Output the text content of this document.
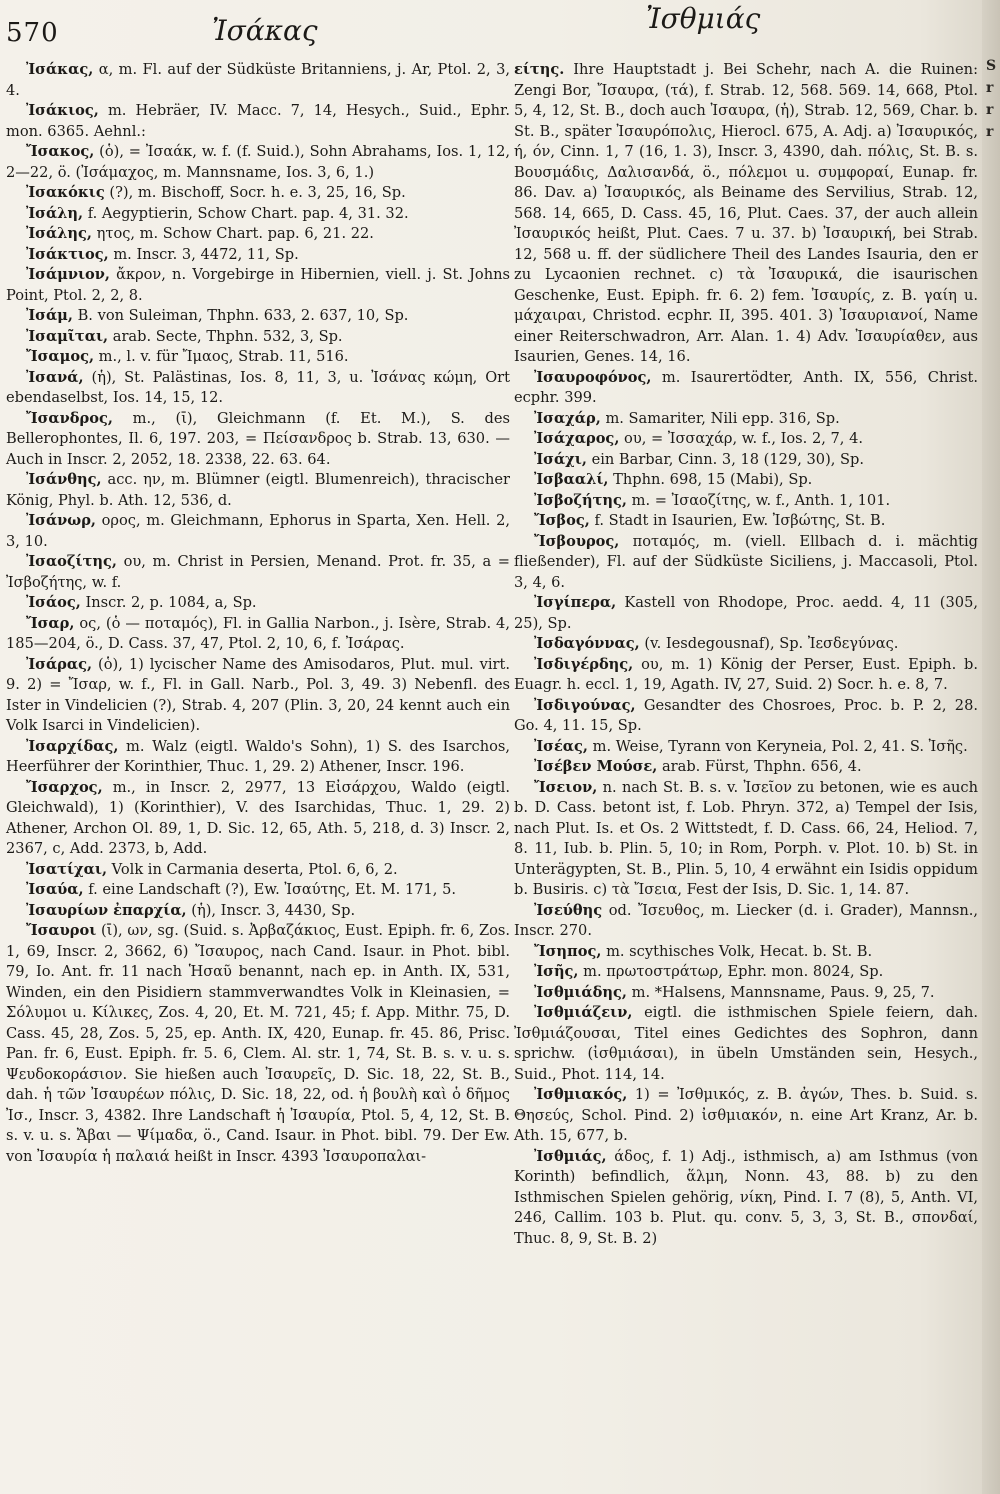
570	Ἰσάκας	Ἰσθμιάς

Ἰσάκας, α, m. Fl. auf der Südküste Britanniens, j. Ar, Ptol. 2, 3, 4.

Ἰσάκιος, m. Hebräer, IV. Macc. 7, 14, Hesych., Suid., Ephr. mon. 6365. Aehnl.:

Ἴσακος, (ὁ), = Ἰσαάκ, w. f. (f. Suid.), Sohn Abrahams, Ios. 1, 12, 2—22, ö. (Ἰσάμαχος, m. Mannsname, Ios. 3, 6, 1.)

Ἰσακόκις (?), m. Bischoff, Socr. h. e. 3, 25, 16, Sp.

Ἰσάλη, f. Aegyptierin, Schow Chart. pap. 4, 31. 32.

Ἰσάλης, ητος, m. Schow Chart. pap. 6, 21. 22.

Ἰσάκτιος, m. Inscr. 3, 4472, 11, Sp.

Ἰσάμνιον, ἄκρον, n. Vorgebirge in Hibernien, viell. j. St. Johns Point, Ptol. 2, 2, 8.

Ἰσάμ, B. von Suleiman, Thphn. 633, 2. 637, 10, Sp.

Ἰσαμῖται, arab. Secte, Thphn. 532, 3, Sp.

Ἴσαμος, m., l. v. für Ἴμαος, Strab. 11, 516.

Ἰσανά, (ἡ), St. Palästinas, Ios. 8, 11, 3, u. Ἰσάνας κώμη, Ort ebendaselbst, Ios. 14, 15, 12.

Ἴσανδρος, m., (ῑ), Gleichmann (f. Et. M.), S. des Bellerophontes, Il. 6, 197. 203, = Πείσανδρος b. Strab. 13, 630. — Auch in Inscr. 2, 2052, 18. 2338, 22. 63. 64.

Ἰσάνθης, acc. ην, m. Blümner (eigtl. Blumenreich), thracischer König, Phyl. b. Ath. 12, 536, d.

Ἰσάνωρ, ορος, m. Gleichmann, Ephorus in Sparta, Xen. Hell. 2, 3, 10.

Ἰσαοζίτης, ου, m. Christ in Persien, Menand. Prot. fr. 35, a = Ἰσβοζήτης, w. f.

Ἰσάος, Inscr. 2, p. 1084, a, Sp.

Ἴσαρ, ος, (ὁ — ποταμός), Fl. in Gallia Narbon., j. Isère, Strab. 4, 185—204, ö., D. Cass. 37, 47, Ptol. 2, 10, 6, f. Ἰσάρας.

Ἰσάρας, (ὁ), 1) lycischer Name des Amisodaros, Plut. mul. virt. 9. 2) = Ἴσαρ, w. f., Fl. in Gall. Narb., Pol. 3, 49. 3) Nebenfl. des Ister in Vindelicien (?), Strab. 4, 207 (Plin. 3, 20, 24 kennt auch ein Volk Isarci in Vindelicien).

Ἰσαρχίδας, m. Walz (eigtl. Waldo's Sohn), 1) S. des Isarchos, Heerführer der Korinthier, Thuc. 1, 29. 2) Athener, Inscr. 196.

Ἴσαρχος, m., in Inscr. 2, 2977, 13 Εἰσάρχου, Waldo (eigtl. Gleichwald), 1) (Korinthier), V. des Isarchidas, Thuc. 1, 29. 2) Athener, Archon Ol. 89, 1, D. Sic. 12, 65, Ath. 5, 218, d. 3) Inscr. 2, 2367, c, Add. 2373, b, Add.

Ἰσατίχαι, Volk in Carmania deserta, Ptol. 6, 6, 2.

Ἰσαύα, f. eine Landschaft (?), Ew. Ἰσαύτης, Et. M. 171, 5.

Ἰσαυρίων ἐπαρχία, (ἡ), Inscr. 3, 4430, Sp.

Ἴσαυροι (ῑ), ων, sg. (Suid. s. Ἀρβαζάκιος, Eust. Epiph. fr. 6, Zos. 1, 69, Inscr. 2, 3662, 6) Ἴσαυρος, nach Cand. Isaur. in Phot. bibl. 79, Io. Ant. fr. 11 nach Ἡσαῦ benannt, nach ep. in Anth. IX, 531, Winden, ein den Pisidiern stammverwandtes Volk in Kleinasien, = Σόλυμοι u. Κίλικες, Zos. 4, 20, Et. M. 721, 45; f. App. Mithr. 75, D. Cass. 45, 28, Zos. 5, 25, ep. Anth. IX, 420, Eunap. fr. 45. 86, Prisc. Pan. fr. 6, Eust. Epiph. fr. 5. 6, Clem. Al. str. 1, 74, St. B. s. v. u. s. Ψευδοκοράσιον. Sie hießen auch Ἰσαυρεῖς, D. Sic. 18, 22, St. B., dah. ἡ τῶν Ἰσαυρέων πόλις, D. Sic. 18, 22, od. ἡ βουλὴ καὶ ὁ δῆμος Ἰσ., Inscr. 3, 4382. Ihre Landschaft ἡ Ἰσαυρία, Ptol. 5, 4, 12, St. B. s. v. u. s. Ἄβαι — Ψίμαδα, ö., Cand. Isaur. in Phot. bibl. 79. Der Ew. von Ἰσαυρία ἡ παλαιά heißt in Inscr. 4393 Ἰσαυροπαλαι-

είτης. Ihre Hauptstadt j. Bei Schehr, nach A. die Ruinen: Zengi Bor, Ἴσαυρα, (τά), f. Strab. 12, 568. 569. 14, 668, Ptol. 5, 4, 12, St. B., doch auch Ἰσαυρα, (ἡ), Strab. 12, 569, Char. b. St. B., später Ἰσαυρόπολις, Hierocl. 675, A. Adj. a) Ἰσαυρικός, ή, όν, Cinn. 1, 7 (16, 1. 3), Inscr. 3, 4390, dah. πόλις, St. B. s. Βουσμάδις, Δαλισανδά, ö., πόλεμοι u. συμφοραί, Eunap. fr. 86. Dav. a) Ἰσαυρικός, als Beiname des Servilius, Strab. 12, 568. 14, 665, D. Cass. 45, 16, Plut. Caes. 37, der auch allein Ἰσαυρικός heißt, Plut. Caes. 7 u. 37. b) Ἰσαυρική, bei Strab. 12, 568 u. ff. der südlichere Theil des Landes Isauria, den er zu Lycaonien rechnet. c) τὰ Ἰσαυρικά, die isaurischen Geschenke, Eust. Epiph. fr. 6. 2) fem. Ἰσαυρίς, z. B. γαίη u. μάχαιραι, Christod. ecphr. II, 395. 401. 3) Ἰσαυριανοί, Name einer Reiterschwadron, Arr. Alan. 1. 4) Adv. Ἰσαυρίαθεν, aus Isaurien, Genes. 14, 16.

Ἰσαυροφόνος, m. Isaurertödter, Anth. IX, 556, Christ. ecphr. 399.

Ἰσαχάρ, m. Samariter, Nili epp. 316, Sp.

Ἰσάχαρος, ου, = Ἰσσαχάρ, w. f., Ios. 2, 7, 4.

Ἰσάχι, ein Barbar, Cinn. 3, 18 (129, 30), Sp.

Ἰσβααλί, Thphn. 698, 15 (Mabi), Sp.

Ἰσβοζήτης, m. = Ἰσαοζίτης, w. f., Anth. 1, 101.

Ἴσβος, f. Stadt in Isaurien, Ew. Ἰσβώτης, St. B.

Ἴσβουρος, ποταμός, m. (viell. Ellbach d. i. mächtig fließender), Fl. auf der Südküste Siciliens, j. Maccasoli, Ptol. 3, 4, 6.

Ἰσγίπερα, Kastell von Rhodope, Proc. aedd. 4, 11 (305, 25), Sp.

Ἰσδαγόννας, (v. Iesdegousnaf), Sp. Ἰεσδεγύνας.

Ἰσδιγέρδης, ου, m. 1) König der Perser, Eust. Epiph. b. Euagr. h. eccl. 1, 19, Agath. IV, 27, Suid. 2) Socr. h. e. 8, 7.

Ἰσδιγούνας, Gesandter des Chosroes, Proc. b. P. 2, 28. Go. 4, 11. 15, Sp.

Ἰσέας, m. Weise, Tyrann von Keryneia, Pol. 2, 41. S. Ἰσῆς.

Ἰσέβεν Μούσε, arab. Fürst, Thphn. 656, 4.

Ἴσειον, n. nach St. B. s. v. Ἰσεῖον zu betonen, wie es auch b. D. Cass. betont ist, f. Lob. Phryn. 372, a) Tempel der Isis, nach Plut. Is. et Os. 2 Wittstedt, f. D. Cass. 66, 24, Heliod. 7, 8. 11, Iub. b. Plin. 5, 10; in Rom, Porph. v. Plot. 10. b) St. in Unterägypten, St. B., Plin. 5, 10, 4 erwähnt ein Isidis oppidum b. Busiris. c) τὰ Ἴσεια, Fest der Isis, D. Sic. 1, 14. 87.

Ἰσεύθης od. Ἴσευθος, m. Liecker (d. i. Grader), Mannsn., Inscr. 270.

Ἴσηπος, m. scythisches Volk, Hecat. b. St. B.

Ἰσῆς, m. πρωτοστράτωρ, Ephr. mon. 8024, Sp.

Ἰσθμιάδης, m. *Halsens, Mannsname, Paus. 9, 25, 7.

Ἰσθμιάζειν, eigtl. die isthmischen Spiele feiern, dah. Ἰσθμιάζουσαι, Titel eines Gedichtes des Sophron, dann sprichw. (ἰσθμιάσαι), in übeln Umständen sein, Hesych., Suid., Phot. 114, 14.

Ἰσθμιακός, 1) = Ἰσθμικός, z. B. ἀγών, Thes. b. Suid. s. Θησεύς, Schol. Pind. 2) ἰσθμιακόν, n. eine Art Kranz, Ar. b. Ath. 15, 677, b.

Ἰσθμιάς, άδος, f. 1) Adj., isthmisch, a) am Isthmus (von Korinth) befindlich, ἅλμη, Nonn. 43, 88. b) zu den Isthmischen Spielen gehörig, νίκη, Pind. I. 7 (8), 5, Anth. VI, 246, Callim. 103 b. Plut. qu. conv. 5, 3, 3, St. B., σπονδαί, Thuc. 8, 9, St. B. 2)

S
r
r
r
